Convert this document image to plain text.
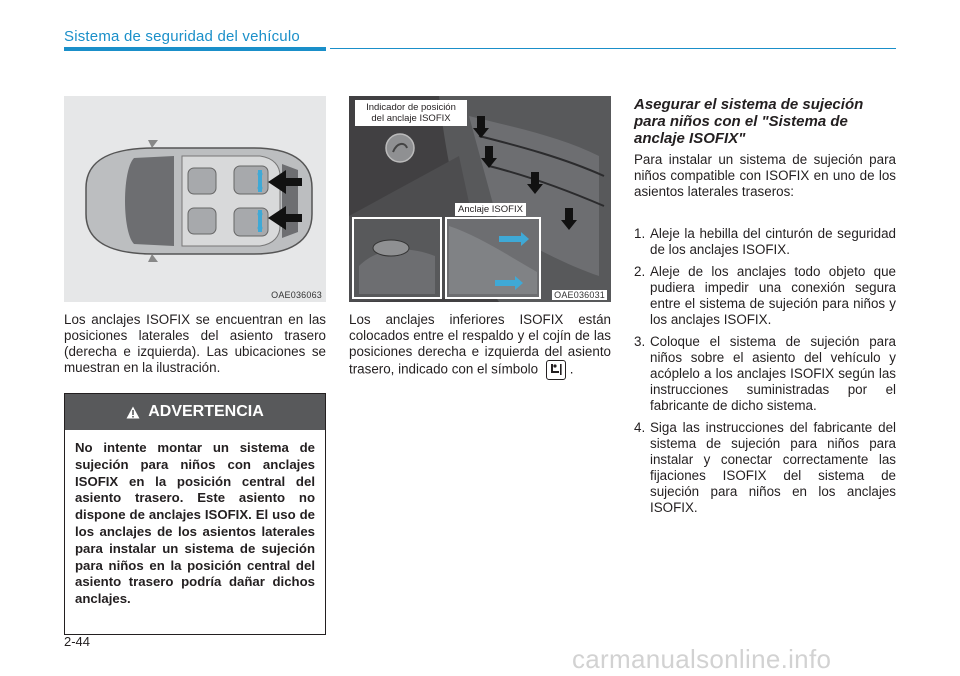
Sistema de seguridad del vehículo
OAE036063
Los anclajes ISOFIX se encuentran en las posiciones laterales del asiento trasero (derecha e izquierda). Las ubicaciones se muestran en la ilustración.
ADVERTENCIA
No intente montar un sistema de sujeción para niños con anclajes ISOFIX en la posición central del asiento trasero. Este asiento no dispone de anclajes ISOFIX. El uso de los anclajes de los asientos laterales para instalar un sistema de sujeción para niños en la posición central del asiento trasero podría dañar dichos anclajes.
Indicador de posición
del anclaje ISOFIX
Anclaje ISOFIX
OAE036031
Los anclajes inferiores ISOFIX están colocados entre el respaldo y el cojín de las posiciones derecha e izquierda del asiento trasero, indicado con el símbolo .
Asegurar el sistema de sujeción para niños con el "Sistema de anclaje ISOFIX"
Para instalar un sistema de sujeción para niños compatible con ISOFIX en uno de los asientos laterales traseros:
1. Aleje la hebilla del cinturón de seguridad de los anclajes ISOFIX.
2. Aleje de los anclajes todo objeto que pudiera impedir una conexión segura entre el sistema de sujeción para niños y los anclajes ISOFIX.
3. Coloque el sistema de sujeción para niños sobre el asiento del vehículo y acóplelo a los anclajes ISOFIX según las instrucciones suministradas por el fabricante de dicho sistema.
4. Siga las instrucciones del fabricante del sistema de sujeción para niños para instalar y conectar correctamente las fijaciones ISOFIX del sistema de sujeción para niños en los anclajes ISOFIX.
2-44
carmanualsonline.info
